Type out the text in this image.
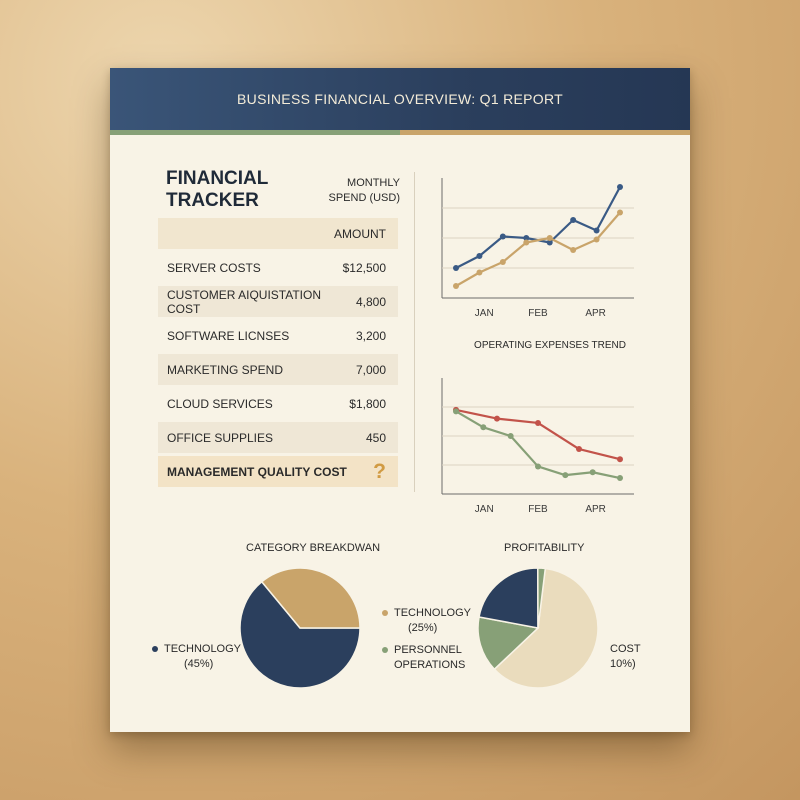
BUSINESS FINANCIAL OVERVIEW: Q1 REPORT
FINANCIAL
TRACKER
MONTHLY
SPEND (USD)
AMOUNT
SERVER COSTS	$12,500
CUSTOMER AIQUISTATION COST	4,800
SOFTWARE LICNSES	3,200
MARKETING SPEND	7,000
CLOUD SERVICES	$1,800
OFFICE SUPPLIES	450
MANAGEMENT QUALITY COST ?
JAN	FEB	APR
OPERATING EXPENSES TREND
JAN	FEB	APR
CATEGORY BREAKDWAN
TECHNOLOGY
(45%)
TECHNOLOGY
(25%)
PERSONNEL
OPERATIONS
PROFITABILITY
COST
10%)
